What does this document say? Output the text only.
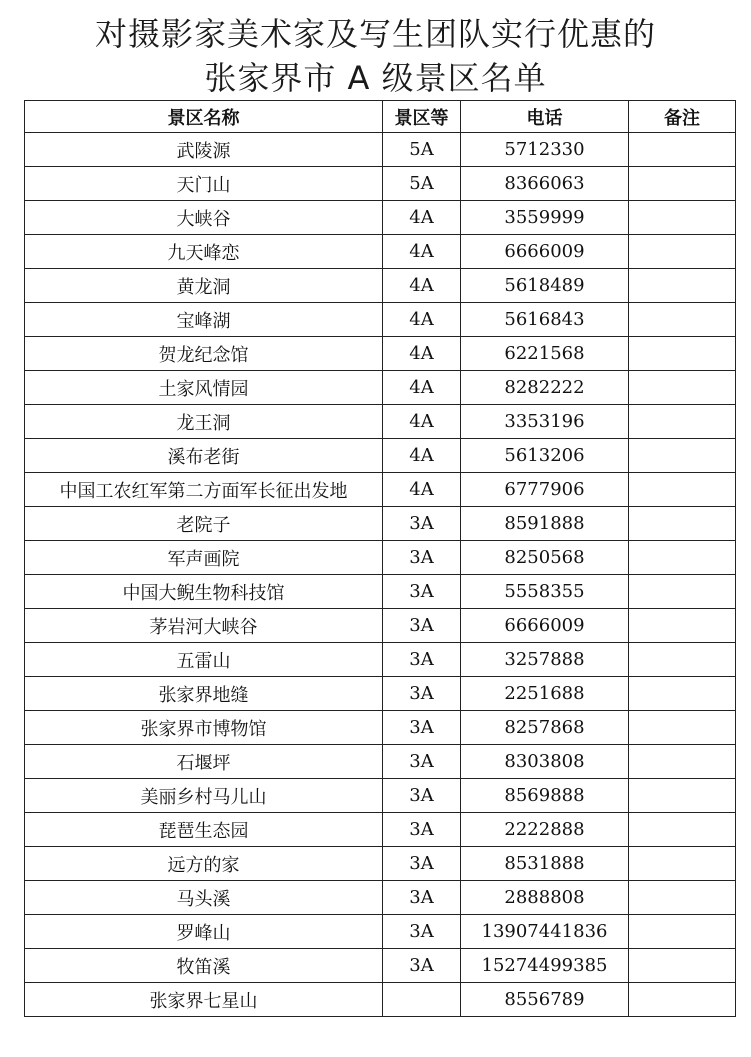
对摄影家美术家及写生团队实行优惠的
张家界市 A 级景区名单
景区名称	景区等	电话	备注
武陵源	5A	5712330	
天门山	5A	8366063	
大峡谷	4A	3559999	
九天峰恋	4A	6666009	
黄龙洞	4A	5618489	
宝峰湖	4A	5616843	
贺龙纪念馆	4A	6221568	
土家风情园	4A	8282222	
龙王洞	4A	3353196	
溪布老街	4A	5613206	
中国工农红军第二方面军长征出发地	4A	6777906	
老院子	3A	8591888	
军声画院	3A	8250568	
中国大鲵生物科技馆	3A	5558355	
茅岩河大峡谷	3A	6666009	
五雷山	3A	3257888	
张家界地缝	3A	2251688	
张家界市博物馆	3A	8257868	
石堰坪	3A	8303808	
美丽乡村马儿山	3A	8569888	
琵琶生态园	3A	2222888	
远方的家	3A	8531888	
马头溪	3A	2888808	
罗峰山	3A	13907441836	
牧笛溪	3A	15274499385	
张家界七星山		8556789	
